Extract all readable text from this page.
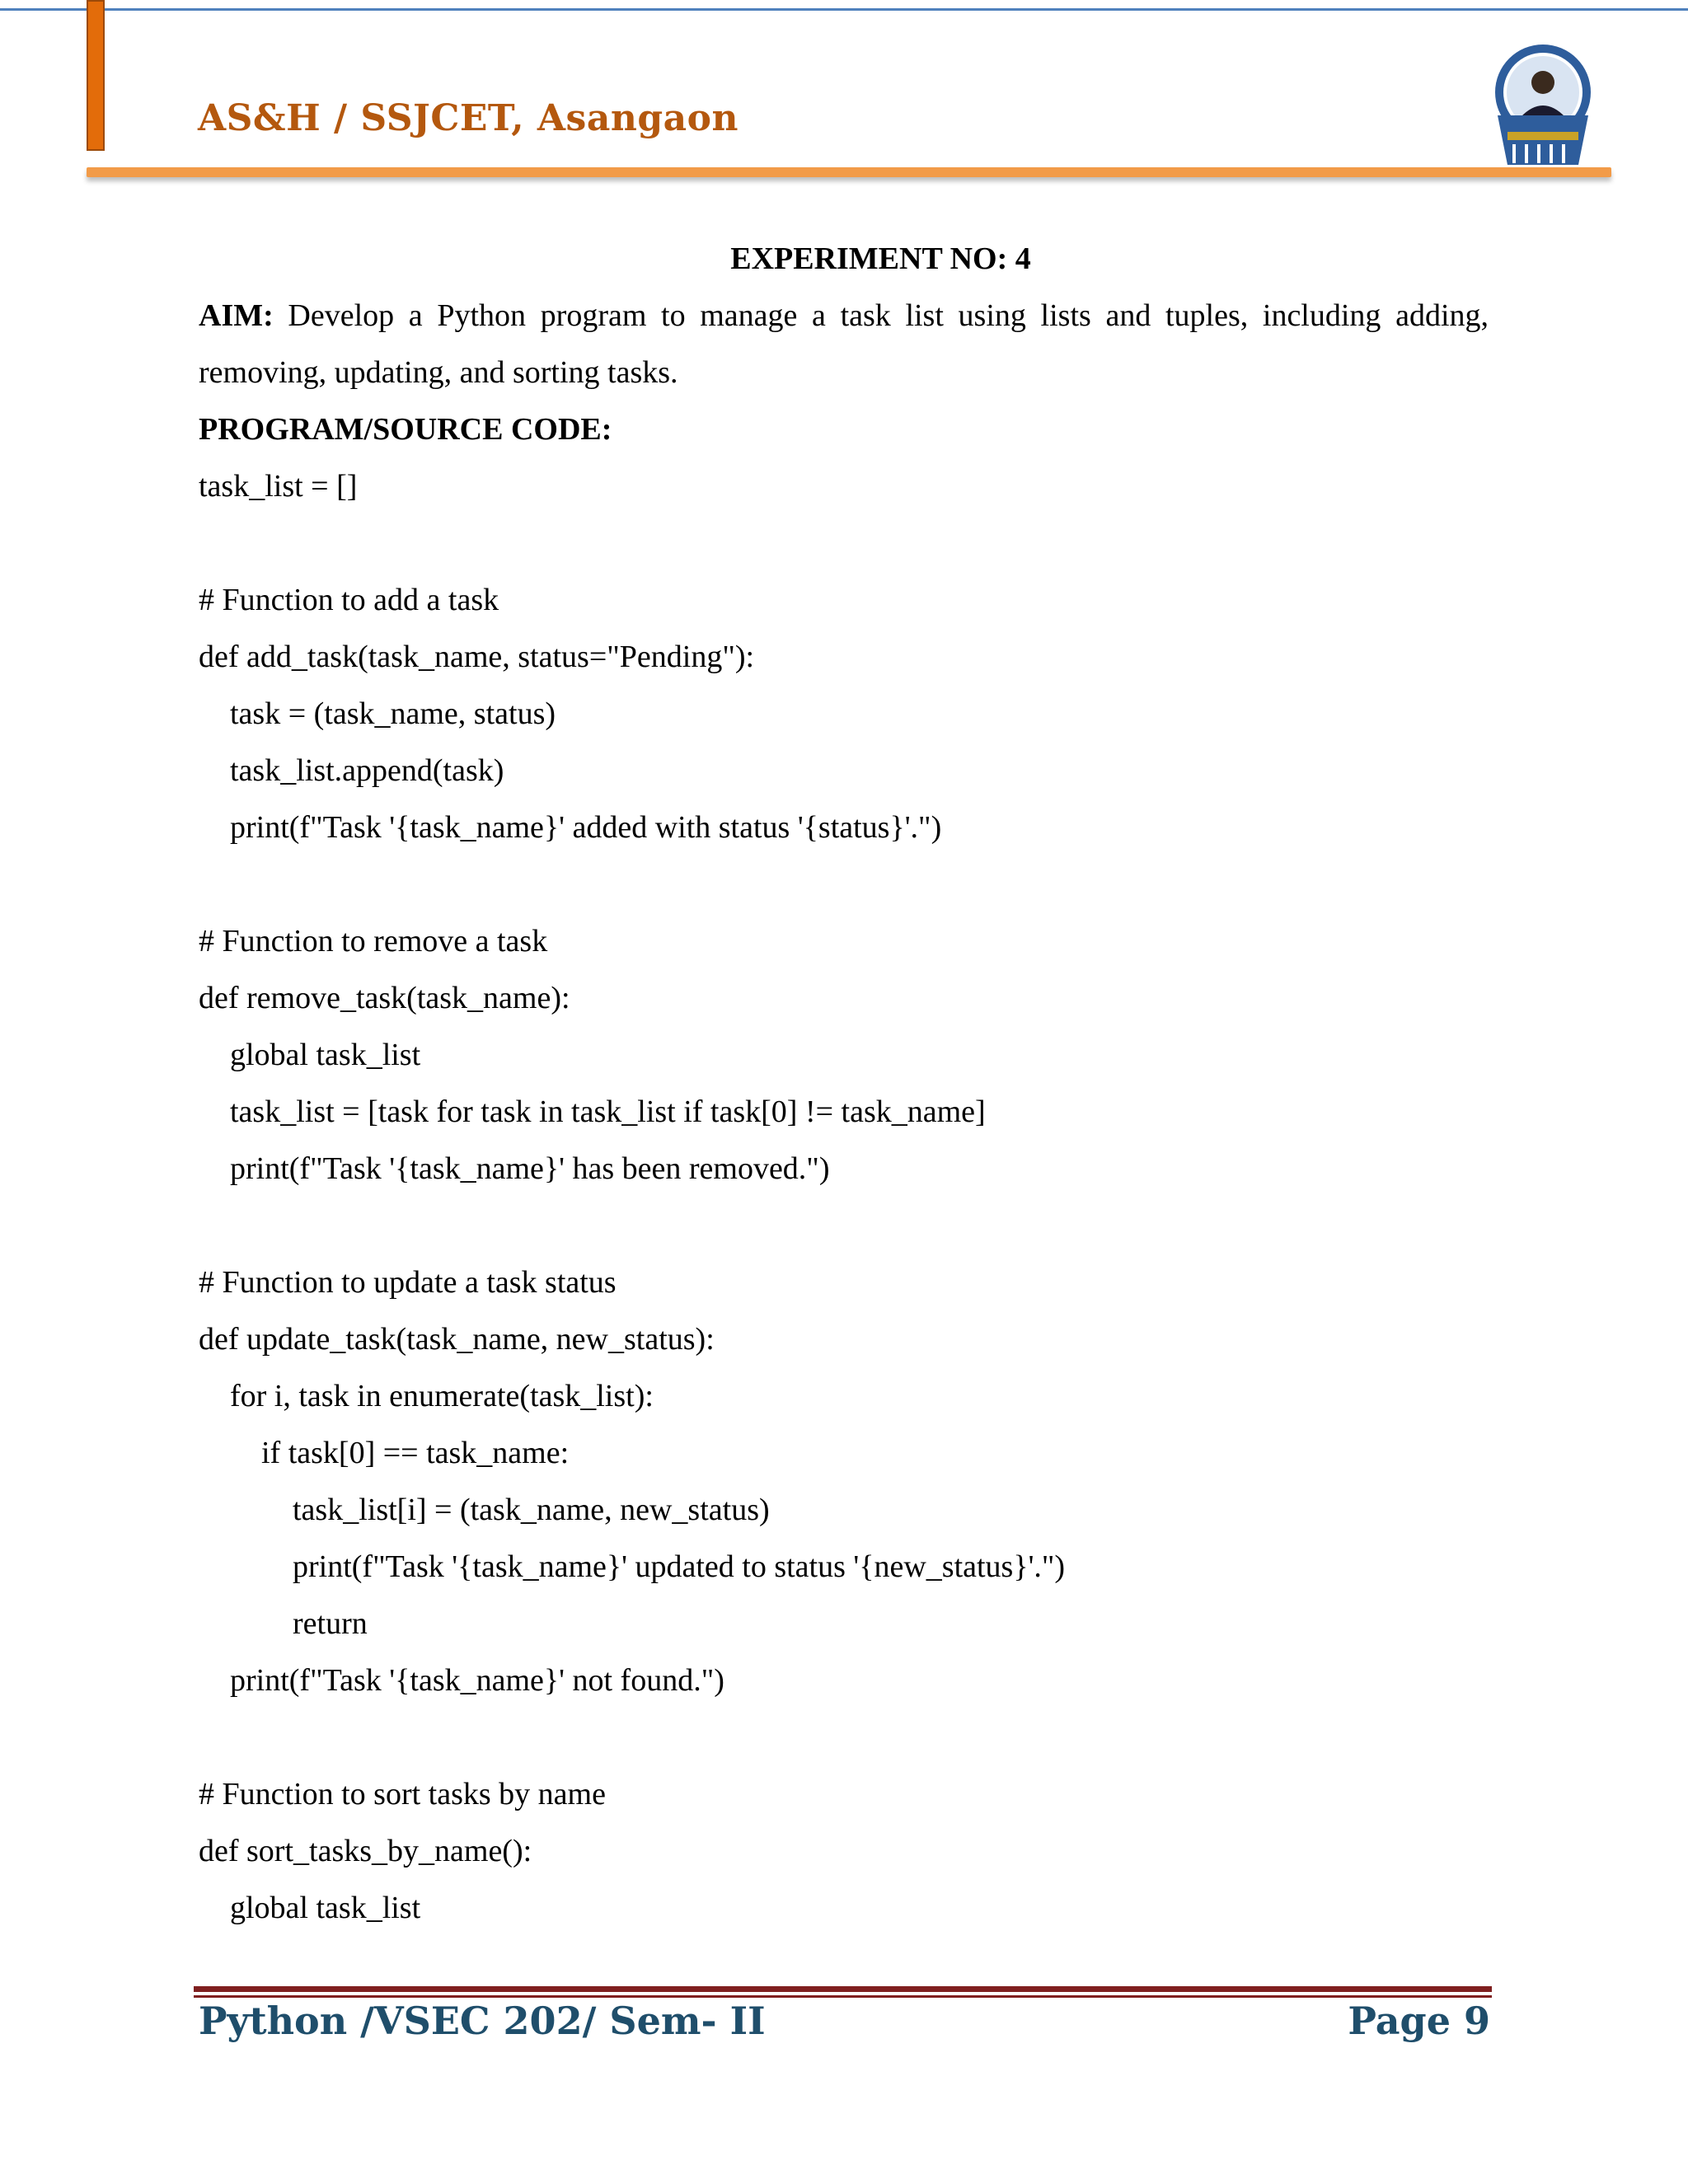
AS&H / SSJCET, Asangaon

EXPERIMENT NO: 4

AIM: Develop a Python program to manage a task list using lists and tuples, including adding, removing, updating, and sorting tasks.

PROGRAM/SOURCE CODE:

task_list = []

# Function to add a task

def add_task(task_name, status="Pending"):

task = (task_name, status)

task_list.append(task)

print(f"Task '{task_name}' added with status '{status}'.")

# Function to remove a task

def remove_task(task_name):

global task_list

task_list = [task for task in task_list if task[0] != task_name]

print(f"Task '{task_name}' has been removed.")

# Function to update a task status

def update_task(task_name, new_status):

for i, task in enumerate(task_list):

if task[0] == task_name:

task_list[i] = (task_name, new_status)

print(f"Task '{task_name}' updated to status '{new_status}'.")

return

print(f"Task '{task_name}' not found.")

# Function to sort tasks by name

def sort_tasks_by_name():

global task_list

Python /VSEC 202/ Sem- II	Page 9
